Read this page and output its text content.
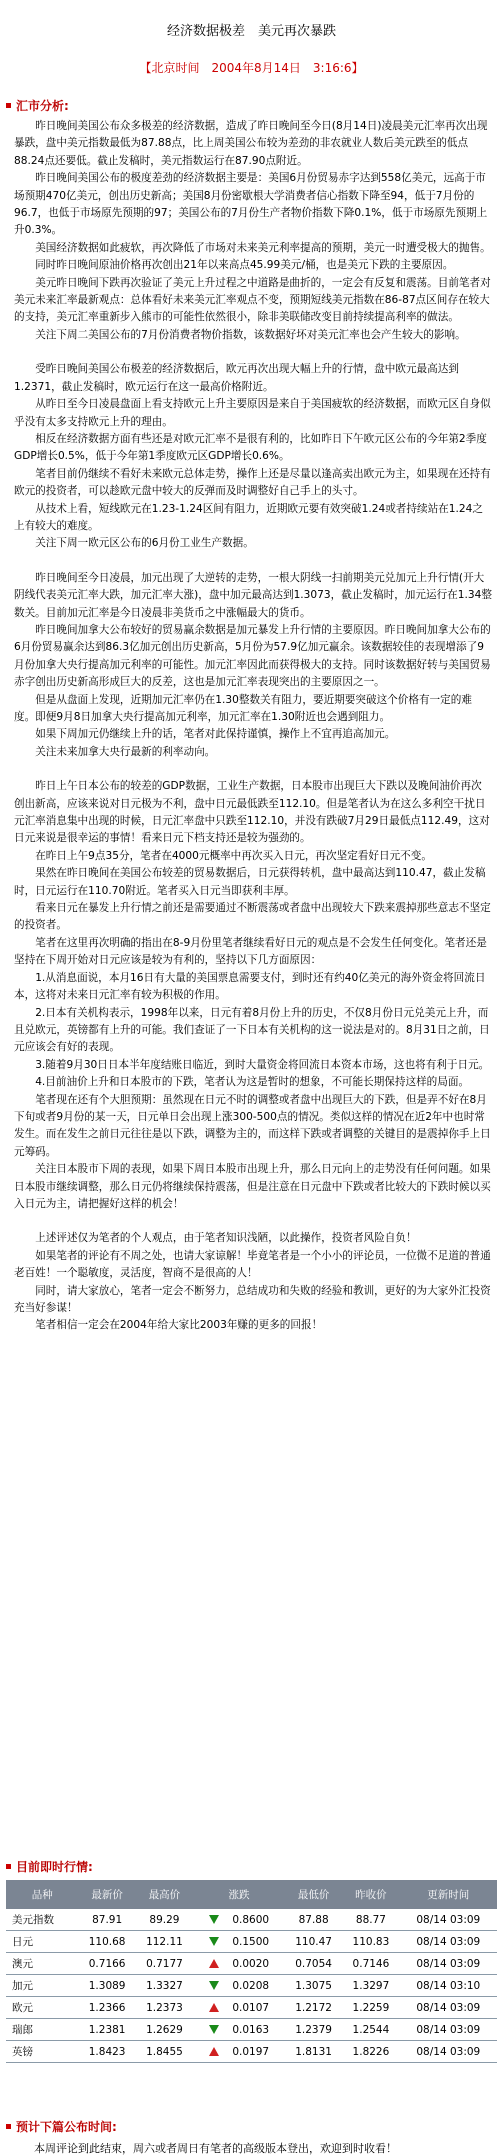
经济数据极差　美元再次暴跌
【北京时间　2004年8月14日　3:16:6】
汇市分析:

昨日晚间美国公布众多极差的经济数据，造成了昨日晚间至今日(8月14日)凌晨美元汇率再次出现暴跌，盘中美元指数最低为87.88点，比上周美国公布较为差劲的非农就业人数后美元跌至的低点88.24点还要低。截止发稿时，美元指数运行在87.90点附近。

昨日晚间美国公布的极度差劲的经济数据主要是：美国6月份贸易赤字达到558亿美元，远高于市场预期470亿美元，创出历史新高；美国8月份密歇根大学消费者信心指数下降至94，低于7月份的96.7，也低于市场原先预期的97；美国公布的7月份生产者物价指数下降0.1%，低于市场原先预期上升0.3%。

美国经济数据如此疲软，再次降低了市场对未来美元利率提高的预期，美元一时遭受极大的抛售。

同时昨日晚间原油价格再次创出21年以来高点45.99美元/桶，也是美元下跌的主要原因。

美元昨日晚间下跌再次验证了美元上升过程之中道路是曲折的，一定会有反复和震荡。目前笔者对美元未来汇率最新观点：总体看好未来美元汇率观点不变，预期短线美元指数在86-87点区间存在较大的支持，美元汇率重新步入熊市的可能性依然很小，除非美联储改变目前持续提高利率的做法。

关注下周二美国公布的7月份消费者物价指数，该数据好坏对美元汇率也会产生较大的影响。

受昨日晚间美国公布极差的经济数据后，欧元再次出现大幅上升的行情，盘中欧元最高达到1.2371，截止发稿时，欧元运行在这一最高价格附近。

从昨日至今日凌晨盘面上看支持欧元上升主要原因是来自于美国疲软的经济数据，而欧元区自身似乎没有太多支持欧元上升的理由。

相反在经济数据方面有些还是对欧元汇率不是很有利的，比如昨日下午欧元区公布的今年第2季度GDP增长0.5%，低于今年第1季度欧元区GDP增长0.6%。

笔者目前仍继续不看好未来欧元总体走势，操作上还是尽量以逢高卖出欧元为主，如果现在还持有欧元的投资者，可以趁欧元盘中较大的反弹而及时调整好自己手上的头寸。

从技术上看，短线欧元在1.23-1.24区间有阻力，近期欧元要有效突破1.24或者持续站在1.24之上有较大的难度。

关注下周一欧元区公布的6月份工业生产数据。

昨日晚间至今日凌晨，加元出现了大逆转的走势，一根大阴线一扫前期美元兑加元上升行情(开大阴线代表美元汇率大跌，加元汇率大涨)，盘中加元最高达到1.3073，截止发稿时，加元运行在1.34整数关。目前加元汇率是今日凌晨非美货币之中涨幅最大的货币。

昨日晚间加拿大公布较好的贸易赢余数据是加元暴发上升行情的主要原因。昨日晚间加拿大公布的6月份贸易赢余达到86.3亿加元创出历史新高，5月份为57.9亿加元赢余。该数据较佳的表现增添了9月份加拿大央行提高加元利率的可能性。加元汇率因此而获得极大的支持。同时该数据好转与美国贸易赤字创出历史新高形成巨大的反差，这也是加元汇率表现突出的主要原因之一。

但是从盘面上发现，近期加元汇率仍在1.30整数关有阻力，要近期要突破这个价格有一定的难度。即便9月8日加拿大央行提高加元利率，加元汇率在1.30附近也会遇到阻力。

如果下周加元仍继续上升的话，笔者对此保持谨慎，操作上不宜再追高加元。

关注未来加拿大央行最新的利率动向。

昨日上午日本公布的较差的GDP数据，工业生产数据，日本股市出现巨大下跌以及晚间油价再次创出新高，应该来说对日元极为不利，盘中日元最低跌至112.10。但是笔者认为在这么多利空干扰日元汇率消息集中出现的时候，日元汇率盘中只跌至112.10，并没有跌破7月29日最低点112.49，这对日元来说是很幸运的事情！看来日元下档支持还是较为强劲的。

在昨日上午9点35分，笔者在4000元概率中再次买入日元，再次坚定看好日元不变。

果然在昨日晚间在美国公布较差的贸易数据后，日元获得转机，盘中最高达到110.47，截止发稿时，日元运行在110.70附近。笔者买入日元当即获利丰厚。

看来日元在暴发上升行情之前还是需要通过不断震荡或者盘中出现较大下跌来震掉那些意志不坚定的投资者。

笔者在这里再次明确的指出在8-9月份里笔者继续看好日元的观点是不会发生任何变化。笔者还是坚持在下周开始对日元应该是较为有利的，坚持以下几方面原因：

1.从消息面说，本月16日有大量的美国票息需要支付，到时还有约40亿美元的海外资金将回流日本，这将对未来日元汇率有较为积极的作用。

2.日本有关机构表示，1998年以来，日元有着8月份上升的历史，不仅8月份日元兑美元上升，而且兑欧元，英镑都有上升的可能。我们查证了一下日本有关机构的这一说法是对的。8月31日之前，日元应该会有好的表现。

3.随着9月30日日本半年度结账日临近，到时大量资金将回流日本资本市场，这也将有利于日元。

4.目前油价上升和日本股市的下跌，笔者认为这是暂时的想象，不可能长期保持这样的局面。

笔者现在还有个大胆预期：虽然现在日元不时的调整或者盘中出现巨大的下跌，但是弄不好在8月下旬或者9月份的某一天，日元单日会出现上涨300-500点的情况。类似这样的情况在近2年中也时常发生。而在发生之前日元往往是以下跌，调整为主的，而这样下跌或者调整的关键目的是震掉你手上日元筹码。

关注日本股市下周的表现，如果下周日本股市出现上升，那么日元向上的走势没有任何问题。如果日本股市继续调整，那么日元仍将继续保持震荡，但是注意在日元盘中下跌或者比较大的下跌时候以买入日元为主，请把握好这样的机会！

上述评述仅为笔者的个人观点，由于笔者知识浅陋，以此操作，投资者风险自负！

如果笔者的评论有不周之处，也请大家谅解！毕竟笔者是一个小小的评论员，一位微不足道的普通老百姓！一个聪敏度，灵活度，智商不是很高的人！

同时，请大家放心，笔者一定会不断努力，总结成功和失败的经验和教训，更好的为大家外汇投资充当好参谋！

笔者相信一定会在2004年给大家比2003年赚的更多的回报！

目前即时行情:
品种	最新价	最高价	涨跌	最低价	昨收价	更新时间
美元指数	87.91	89.29	0.8600	87.88	88.77	08/14 03:09
日元	110.68	112.11	0.1500	110.47	110.83	08/14 03:09
澳元	0.7166	0.7177	0.0020	0.7054	0.7146	08/14 03:09
加元	1.3089	1.3327	0.0208	1.3075	1.3297	08/14 03:10
欧元	1.2366	1.2373	0.0107	1.2172	1.2259	08/14 03:09
瑞郎	1.2381	1.2629	0.0163	1.2379	1.2544	08/14 03:09
英镑	1.8423	1.8455	0.0197	1.8131	1.8226	08/14 03:09
预计下篇公布时间:
本周评论到此结束，周六或者周日有笔者的高级版本登出，欢迎到时收看！
